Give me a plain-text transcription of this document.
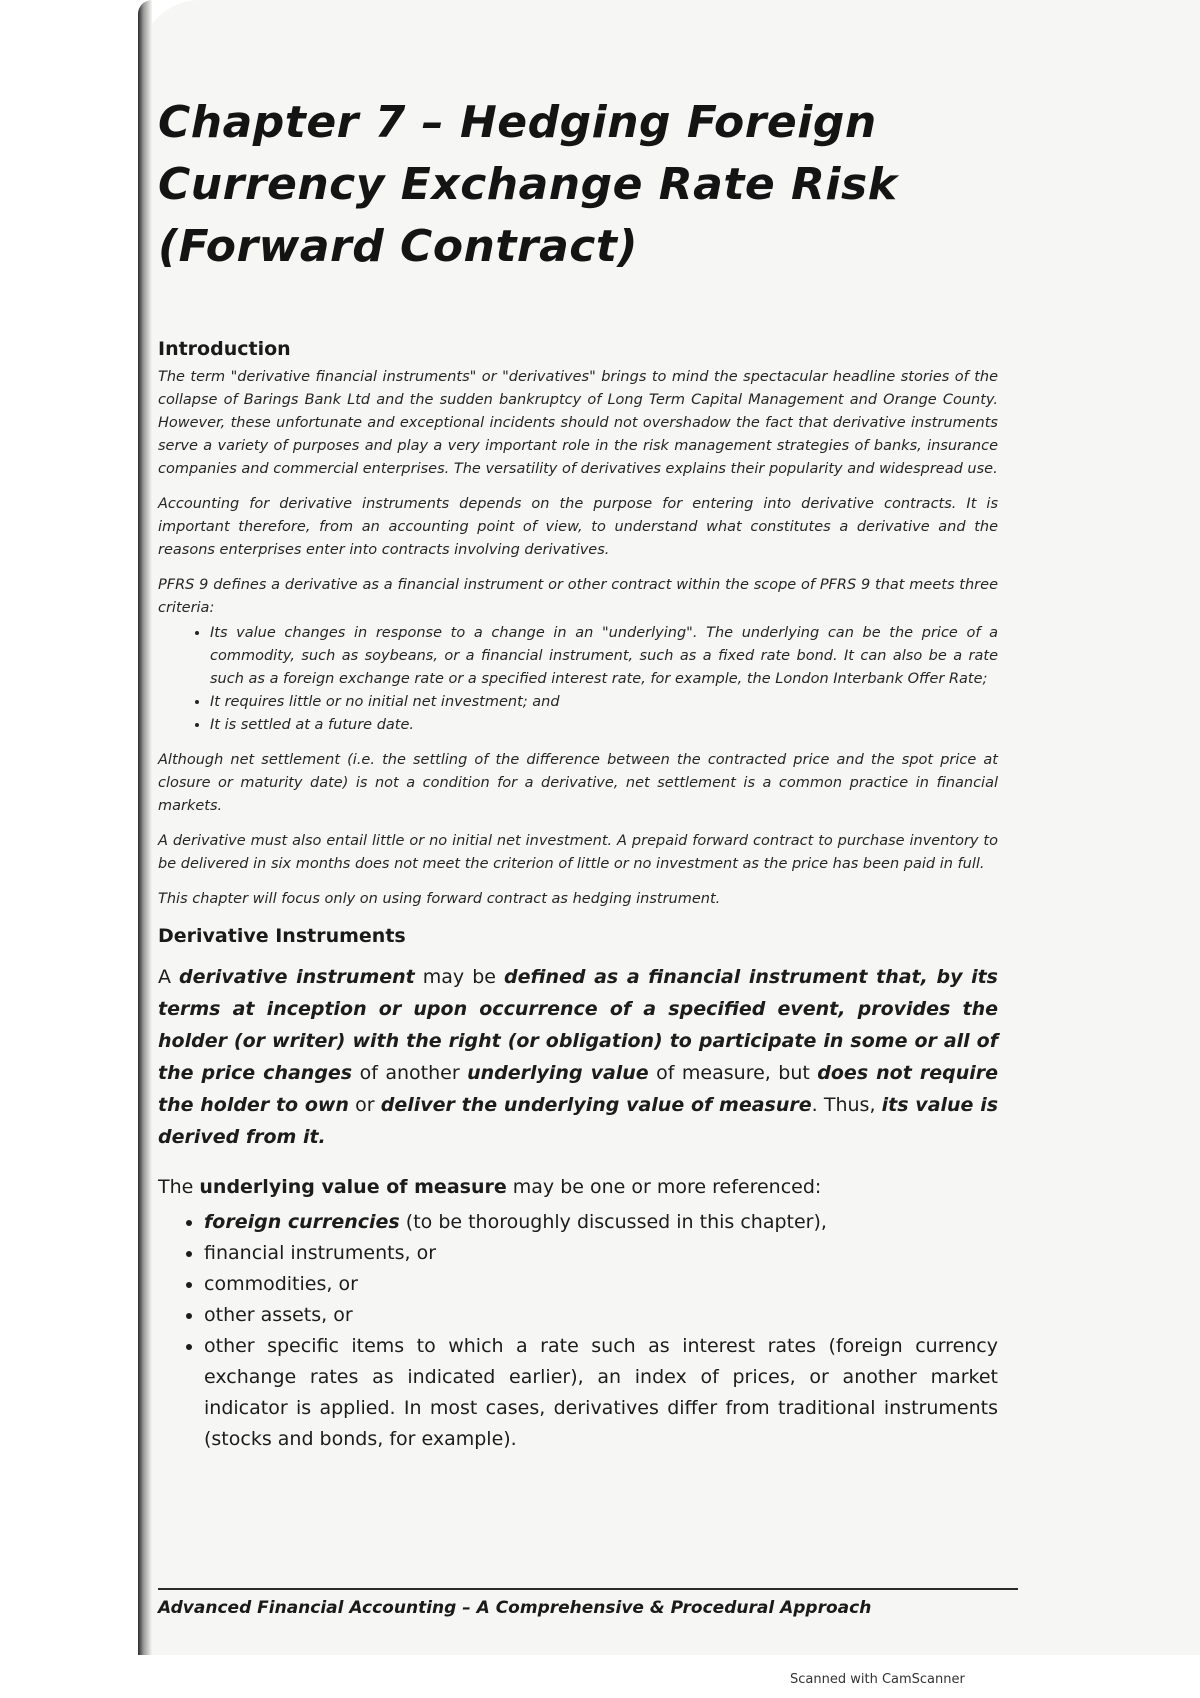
Chapter 7 – Hedging Foreign Currency Exchange Rate Risk (Forward Contract)
Introduction

The term "derivative financial instruments" or "derivatives" brings to mind the spectacular headline stories of the collapse of Barings Bank Ltd and the sudden bankruptcy of Long Term Capital Management and Orange County. However, these unfortunate and exceptional incidents should not overshadow the fact that derivative instruments serve a variety of purposes and play a very important role in the risk management strategies of banks, insurance companies and commercial enterprises. The versatility of derivatives explains their popularity and widespread use.

Accounting for derivative instruments depends on the purpose for entering into derivative contracts. It is important therefore, from an accounting point of view, to understand what constitutes a derivative and the reasons enterprises enter into contracts involving derivatives.

PFRS 9 defines a derivative as a financial instrument or other contract within the scope of PFRS 9 that meets three criteria:

• Its value changes in response to a change in an "underlying". The underlying can be the price of a commodity, such as soybeans, or a financial instrument, such as a fixed rate bond. It can also be a rate such as a foreign exchange rate or a specified interest rate, for example, the London Interbank Offer Rate;
• It requires little or no initial net investment; and
• It is settled at a future date.

Although net settlement (i.e. the settling of the difference between the contracted price and the spot price at closure or maturity date) is not a condition for a derivative, net settlement is a common practice in financial markets.

A derivative must also entail little or no initial net investment. A prepaid forward contract to purchase inventory to be delivered in six months does not meet the criterion of little or no investment as the price has been paid in full.

This chapter will focus only on using forward contract as hedging instrument.

Derivative Instruments

A derivative instrument may be defined as a financial instrument that, by its terms at inception or upon occurrence of a specified event, provides the holder (or writer) with the right (or obligation) to participate in some or all of the price changes of another underlying value of measure, but does not require the holder to own or deliver the underlying value of measure. Thus, its value is derived from it.

The underlying value of measure may be one or more referenced:

• foreign currencies (to be thoroughly discussed in this chapter),
• financial instruments, or
• commodities, or
• other assets, or
• other specific items to which a rate such as interest rates (foreign currency exchange rates as indicated earlier), an index of prices, or another market indicator is applied. In most cases, derivatives differ from traditional instruments (stocks and bonds, for example).
Advanced Financial Accounting – A Comprehensive & Procedural Approach
Scanned with CamScanner
